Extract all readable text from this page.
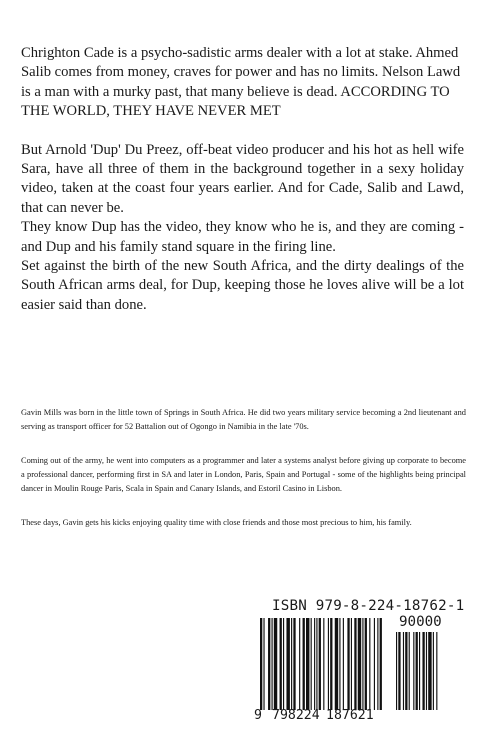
Chrighton Cade is a psycho-sadistic arms dealer with a lot at stake. Ahmed Salib comes from money, craves for power and has no limits. Nelson Lawd is a man with a murky past, that many believe is dead. ACCORDING TO THE WORLD, THEY HAVE NEVER MET

But Arnold 'Dup' Du Preez, off-beat video producer and his hot as hell wife Sara, have all three of them in the background together in a sexy holiday video, taken at the coast four years earlier. And for Cade, Salib and Lawd, that can never be.

They know Dup has the video, they know who he is, and they are coming - and Dup and his family stand square in the firing line.

Set against the birth of the new South Africa, and the dirty dealings of the South African arms deal, for Dup, keeping those he loves alive will be a lot easier said than done.

Gavin Mills was born in the little town of Springs in South Africa. He did two years military service becoming a 2nd lieutenant and serving as transport officer for 52 Battalion out of Ogongo in Namibia in the late '70s.

Coming out of the army, he went into computers as a programmer and later a systems analyst before giving up corporate to become a professional dancer, performing first in SA and later in London, Paris, Spain and Portugal - some of the highlights being principal dancer in Moulin Rouge Paris, Scala in Spain and Canary Islands, and Estoril Casino in Lisbon.

These days, Gavin gets his kicks enjoying quality time with close friends and those most precious to him, his family.

ISBN 979-8-224-18762-1
90000
9 798224 187621
